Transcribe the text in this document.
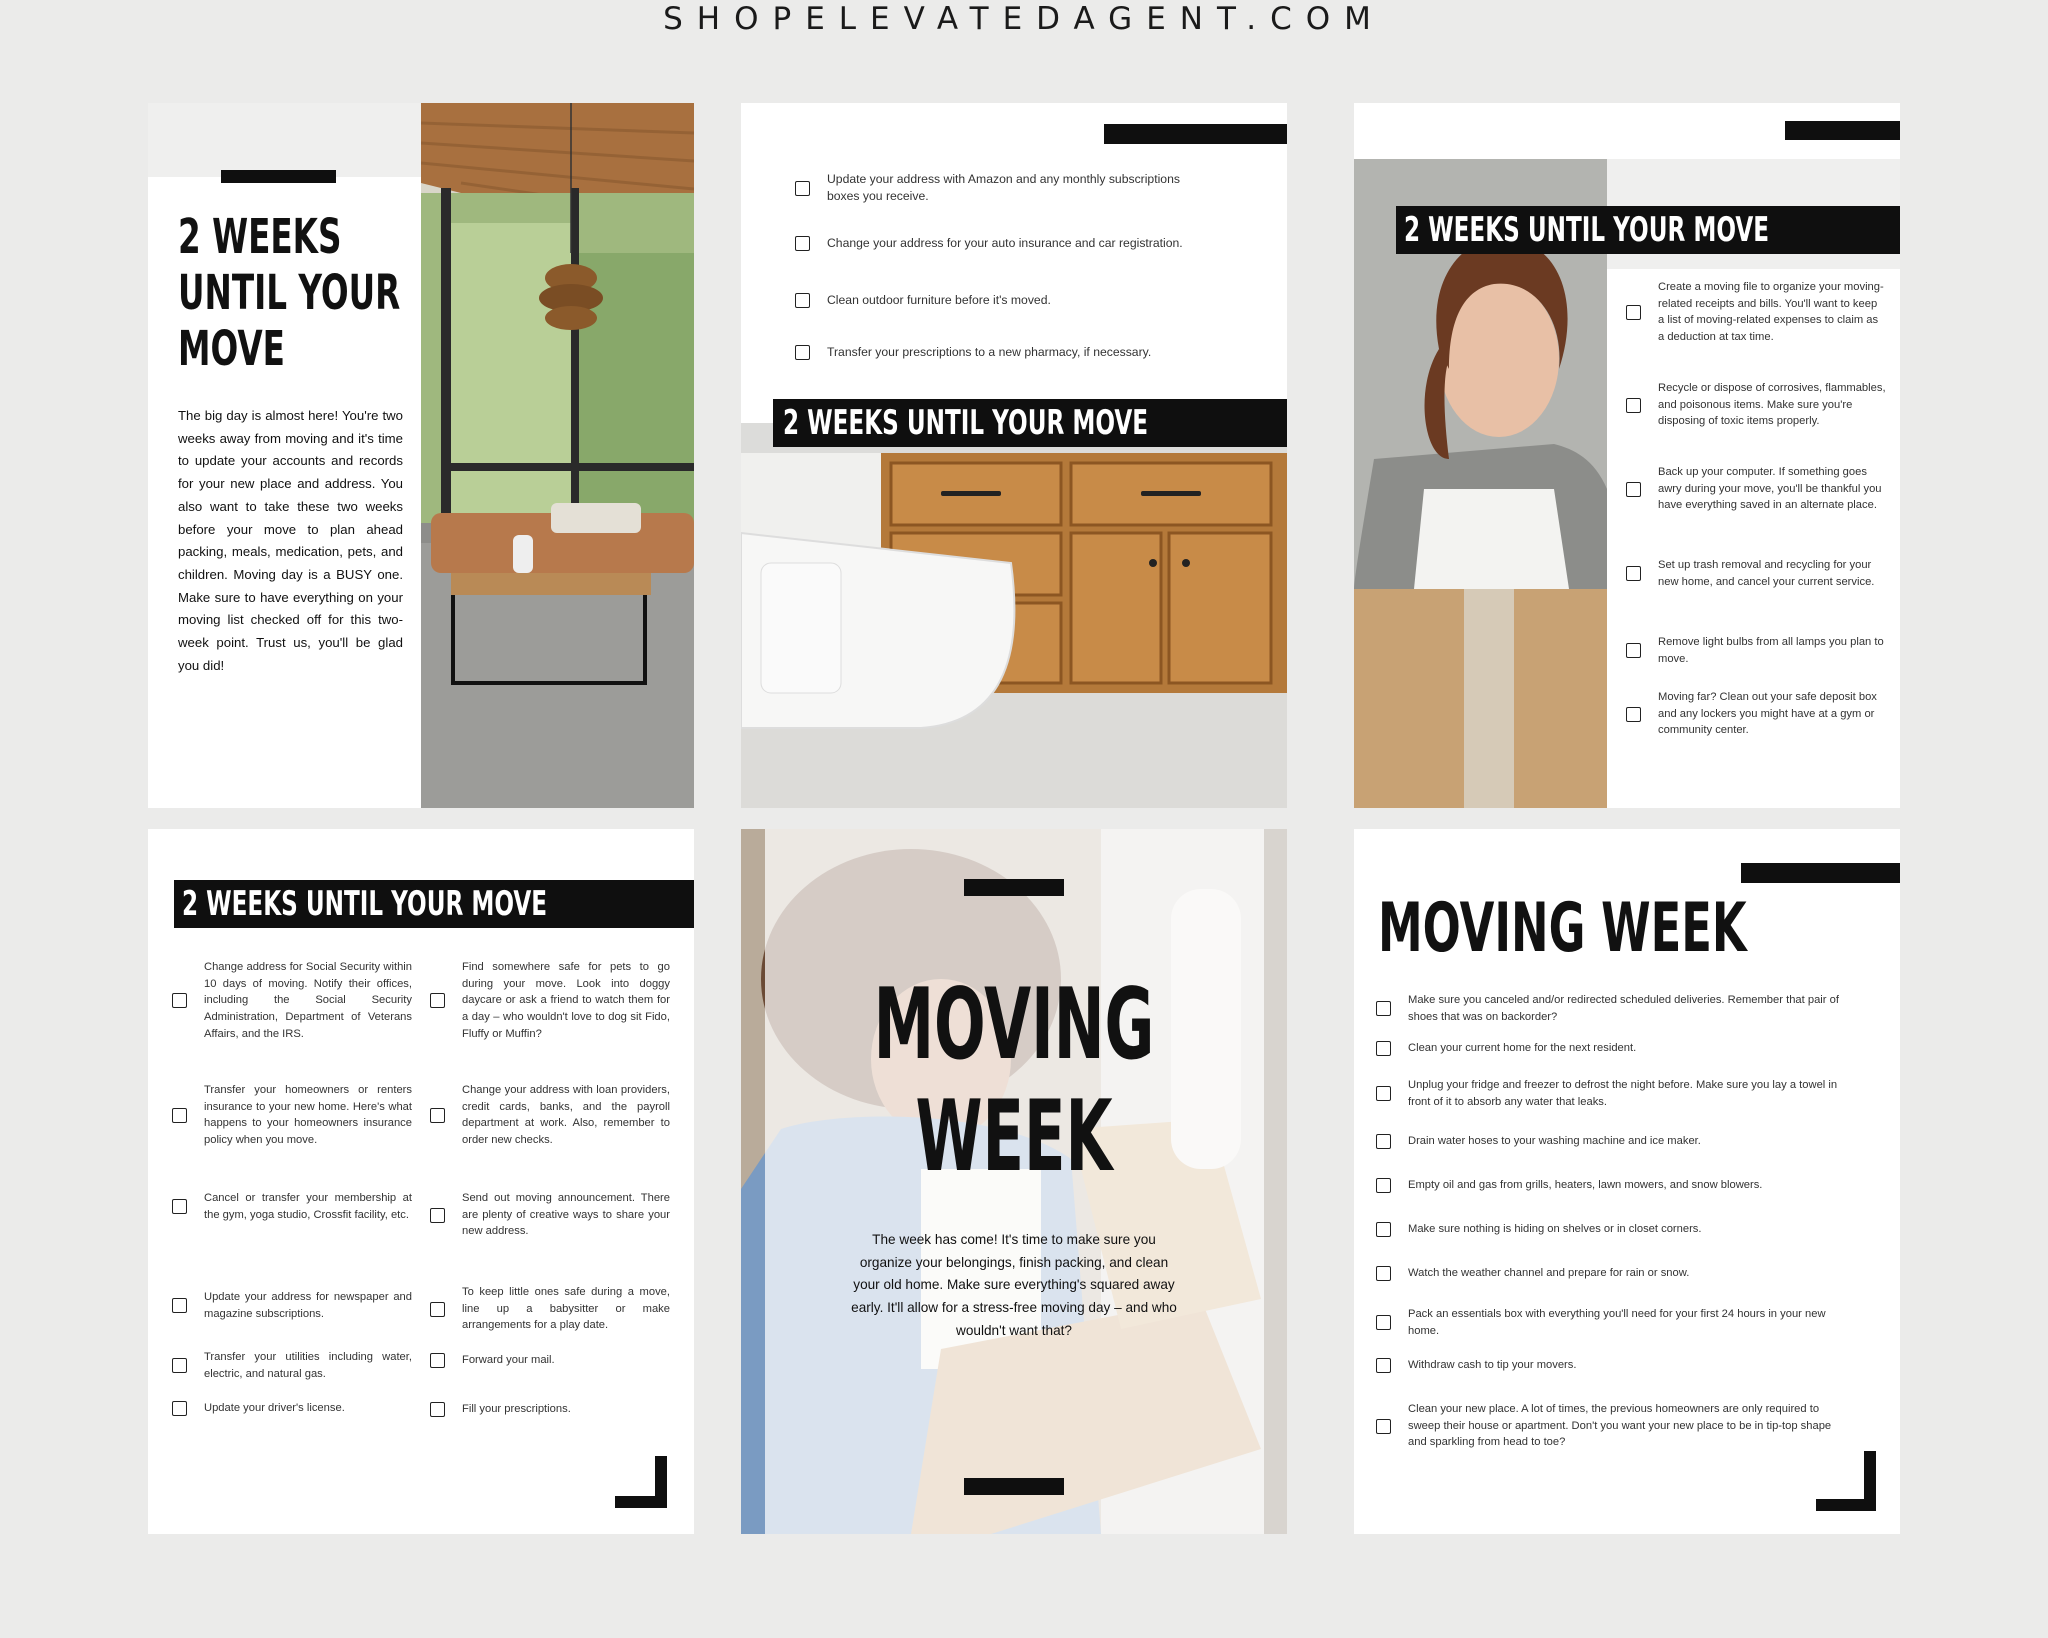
SHOPELEVATEDAGENT.COM
2 WEEKS
UNTIL YOUR
MOVE
The big day is almost here! You're two weeks away from moving and it's time to update your accounts and records for your new place and address. You also want to take these two weeks before your move to plan ahead packing, meals, medication, pets, and children. Moving day is a BUSY one. Make sure to have everything on your moving list checked off for this two-week point. Trust us, you'll be glad you did!
Update your address with Amazon and any monthly subscriptions boxes you receive.
Change your address for your auto insurance and car registration.
Clean outdoor furniture before it's moved.
Transfer your prescriptions to a new pharmacy, if necessary.
2 WEEKS UNTIL YOUR MOVE
2 WEEKS UNTIL YOUR MOVE
Create a moving file to organize your moving-related receipts and bills. You'll want to keep a list of moving-related expenses to claim as a deduction at tax time.
Recycle or dispose of corrosives, flammables, and poisonous items. Make sure you're disposing of toxic items properly.
Back up your computer. If something goes awry during your move, you'll be thankful you have everything saved in an alternate place.
Set up trash removal and recycling for your new home, and cancel your current service.
Remove light bulbs from all lamps you plan to move.
Moving far? Clean out your safe deposit box and any lockers you might have at a gym or community center.
2 WEEKS UNTIL YOUR MOVE
Change address for Social Security within 10 days of moving. Notify their offices, including the Social Security Administration, Department of Veterans Affairs, and the IRS.
Transfer your homeowners or renters insurance to your new home. Here's what happens to your homeowners insurance policy when you move.
Cancel or transfer your membership at the gym, yoga studio, Crossfit facility, etc.
Update your address for newspaper and magazine subscriptions.
Transfer your utilities including water, electric, and natural gas.
Update your driver's license.
Find somewhere safe for pets to go during your move. Look into doggy daycare or ask a friend to watch them for a day – who wouldn't love to dog sit Fido, Fluffy or Muffin?
Change your address with loan providers, credit cards, banks, and the payroll department at work. Also, remember to order new checks.
Send out moving announcement. There are plenty of creative ways to share your new address.
To keep little ones safe during a move, line up a babysitter or make arrangements for a play date.
Forward your mail.
Fill your prescriptions.
MOVING
WEEK
The week has come! It's time to make sure you organize your belongings, finish packing, and clean your old home. Make sure everything's squared away early. It'll allow for a stress-free moving day – and who wouldn't want that?
MOVING WEEK
Make sure you canceled and/or redirected scheduled deliveries. Remember that pair of shoes that was on backorder?
Clean your current home for the next resident.
Unplug your fridge and freezer to defrost the night before. Make sure you lay a towel in front of it to absorb any water that leaks.
Drain water hoses to your washing machine and ice maker.
Empty oil and gas from grills, heaters, lawn mowers, and snow blowers.
Make sure nothing is hiding on shelves or in closet corners.
Watch the weather channel and prepare for rain or snow.
Pack an essentials box with everything you'll need for your first 24 hours in your new home.
Withdraw cash to tip your movers.
Clean your new place. A lot of times, the previous homeowners are only required to sweep their house or apartment. Don't you want your new place to be in tip-top shape and sparkling from head to toe?
